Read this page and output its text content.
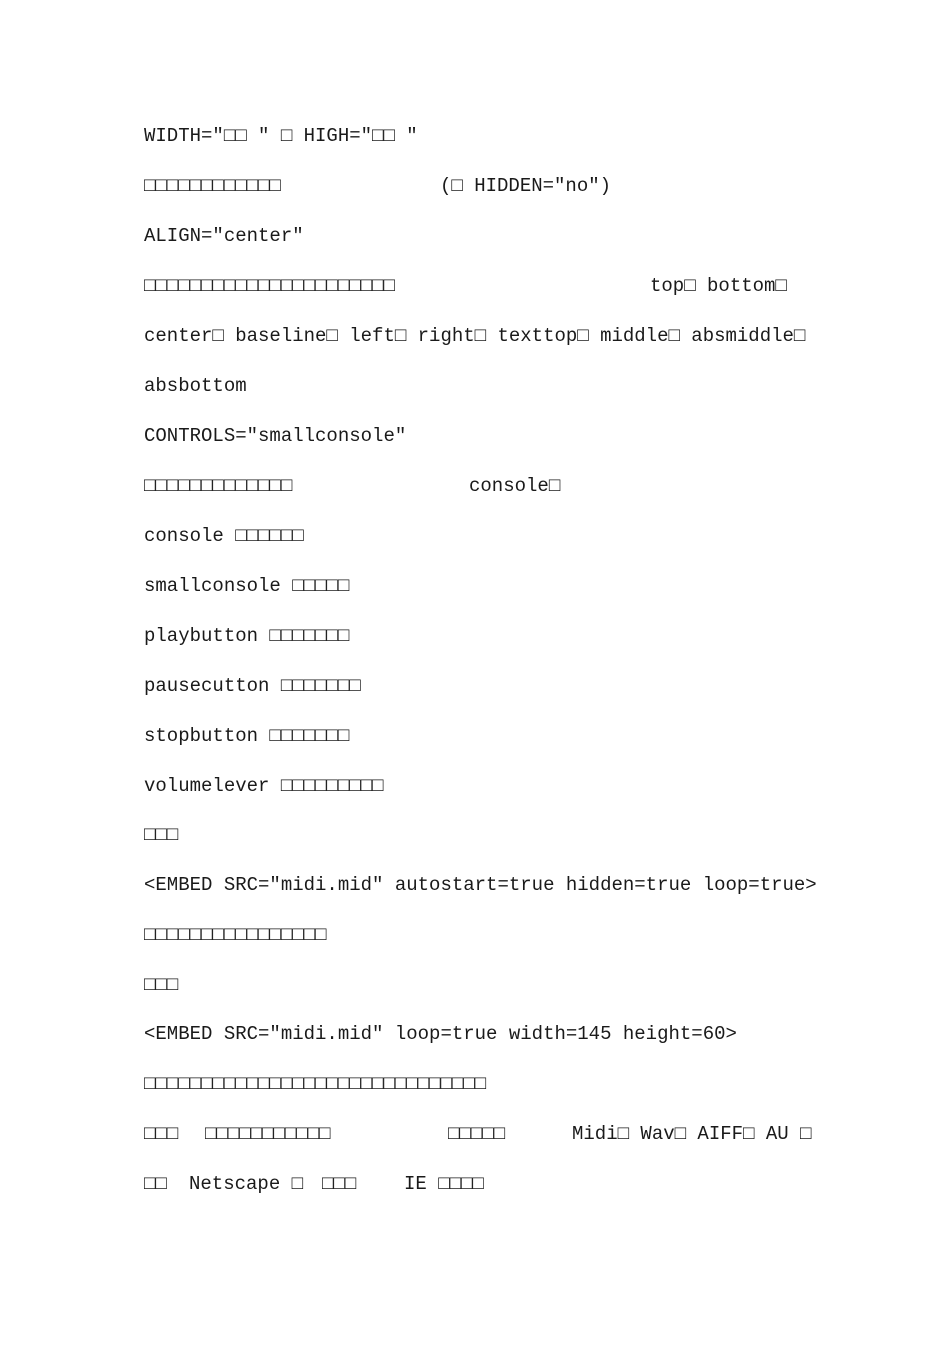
WIDTH="□□ " □ HIGH="□□ "

□□□□□□□□□□□□

	(□ HIDDEN="no")

ALIGN="center"

□□□□□□□□□□□□□□□□□□□□□□

	top□ bottom□

center□ baseline□ left□ right□ texttop□ middle□ absmiddle□

absbottom

CONTROLS="smallconsole"

□□□□□□□□□□□□□

	console□

console □□□□□□

smallconsole □□□□□

playbutton □□□□□□□

pausecutton □□□□□□□

stopbutton □□□□□□□

volumelever □□□□□□□□□

□□□

<EMBED SRC="midi.mid" autostart=true hidden=true loop=true>

□□□□□□□□□□□□□□□□

□□□

<EMBED SRC="midi.mid" loop=true width=145 height=60>

□□□□□□□□□□□□□□□□□□□□□□□□□□□□□□

□□□

□□□□□□□□□□□

	□□□□□

	Midi□ Wav□ AIFF□ AU □

□□

Netscape □

□□□

	IE □□□□
